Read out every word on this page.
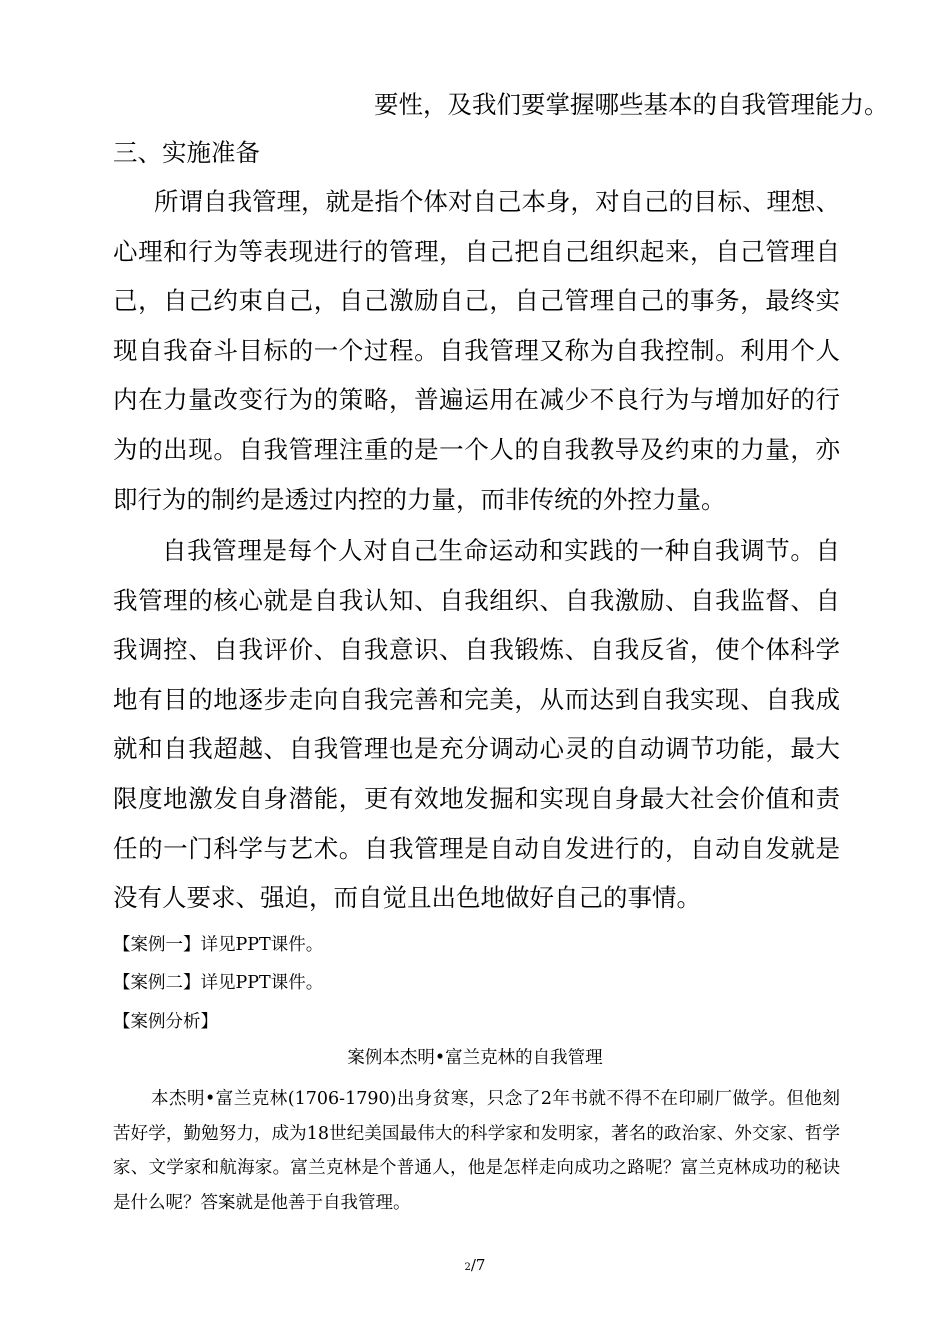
要性，及我们要掌握哪些基本的自我管理能力。

三、实施准备

所谓自我管理，就是指个体对自己本身，对自己的目标、理想、心理和行为等表现进行的管理，自己把自己组织起来，自己管理自己，自己约束自己，自己激励自己，自己管理自己的事务，最终实现自我奋斗目标的一个过程。自我管理又称为自我控制。利用个人内在力量改变行为的策略，普遍运用在减少不良行为与增加好的行为的出现。自我管理注重的是一个人的自我教导及约束的力量，亦即行为的制约是透过内控的力量，而非传统的外控力量。

自我管理是每个人对自己生命运动和实践的一种自我调节。自我管理的核心就是自我认知、自我组织、自我激励、自我监督、自我调控、自我评价、自我意识、自我锻炼、自我反省，使个体科学地有目的地逐步走向自我完善和完美，从而达到自我实现、自我成就和自我超越、自我管理也是充分调动心灵的自动调节功能，最大限度地激发自身潜能，更有效地发掘和实现自身最大社会价值和责任的一门科学与艺术。自我管理是自动自发进行的，自动自发就是没有人要求、强迫，而自觉且出色地做好自己的事情。

【案例一】详见PPT课件。

【案例二】详见PPT课件。

【案例分析】

案例本杰明•富兰克林的自我管理

本杰明•富兰克林(1706-1790)出身贫寒，只念了2年书就不得不在印刷厂做学。但他刻苦好学，勤勉努力，成为18世纪美国最伟大的科学家和发明家，著名的政治家、外交家、哲学家、文学家和航海家。富兰克林是个普通人，他是怎样走向成功之路呢？富兰克林成功的秘诀是什么呢？答案就是他善于自我管理。

2/7
